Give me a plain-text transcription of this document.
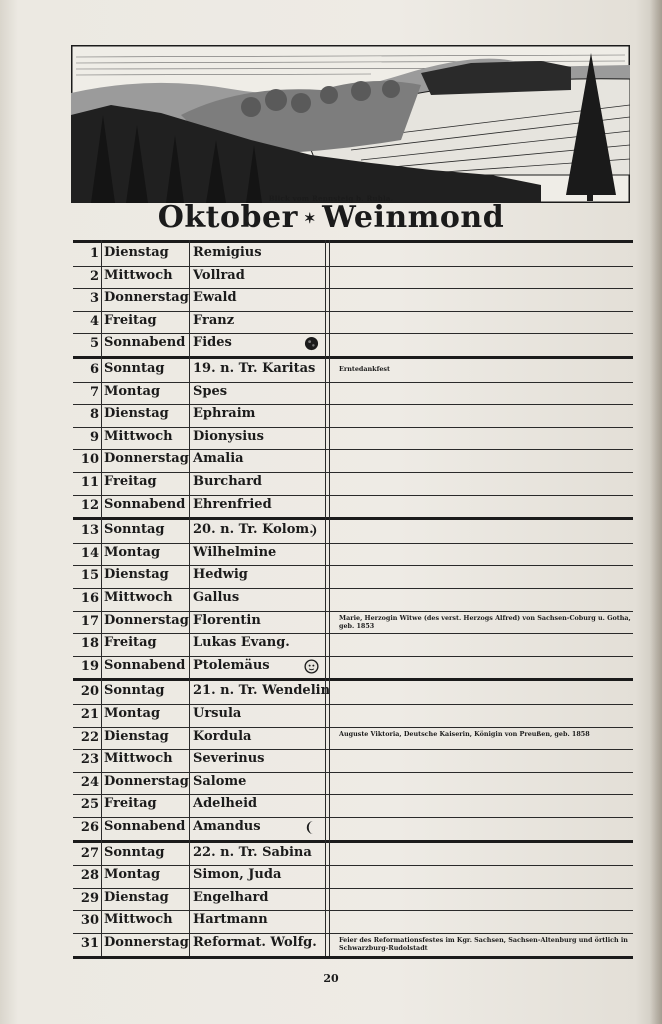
Blick vom Rennsteig b. Ruhla.
Oktober ✶ Weinmond
1 Dienstag Remigius
2 Mittwoch Vollrad
3 Donnerstag Ewald
4 Freitag	Franz
5 Sonnabend Fides
6 Sonntag 19. n. Tr. Karitas	Erntedankfest
7 Montag	Spes
8 Dienstag Ephraim
9 Mittwoch Dionysius
10 Donnerstag Amalia
11 Freitag	Burchard
12 Sonnabend Ehrenfried
13 Sonntag 20. n. Tr. Kolom.
14 Montag	Wilhelmine
15 Dienstag Hedwig
16 Mittwoch Gallus
17 Donnerstag Florentin	Marie, Herzogin Witwe (des verst. Herzogs Alfred) von Sachsen-Coburg u. Gotha, geb. 1853
18 Freitag	Lukas Evang.
19 Sonnabend Ptolemäus
20 Sonntag 21. n. Tr. Wendelin
21 Montag	Ursula
22 Dienstag Kordula	Auguste Viktoria, Deutsche Kaiserin, Königin von Preußen, geb. 1858
23 Mittwoch Severinus
24 Donnerstag Salome
25 Freitag	Adelheid
26 Sonnabend Amandus
27 Sonntag 22. n. Tr. Sabina
28 Montag	Simon, Juda
29 Dienstag Engelhard
30 Mittwoch Hartmann
31 Donnerstag Reformat. Wolfg.	Feier des Reformationsfestes im Kgr. Sachsen, Sachsen-Altenburg und örtlich in Schwarzburg-Rudolstadt
20
